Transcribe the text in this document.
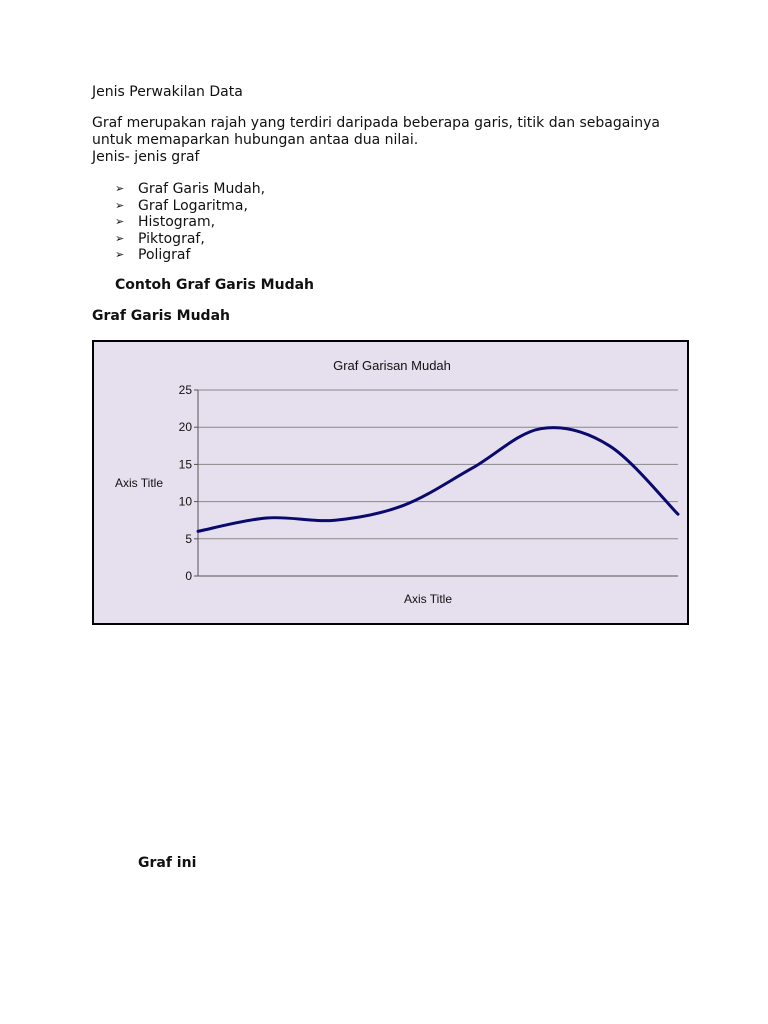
Jenis Perwakilan Data
Graf merupakan rajah yang terdiri daripada beberapa garis, titik dan sebagainya
untuk memaparkan hubungan antaa dua nilai.
Jenis- jenis graf
➢ Graf Garis Mudah,
➢ Graf Logaritma,
➢ Histogram,
➢ Piktograf,
➢ Poligraf
Contoh Graf Garis Mudah
Graf Garis Mudah
Graf Garisan Mudah
0
5
10
15
20
25
Axis Title
Axis Title
Graf ini
